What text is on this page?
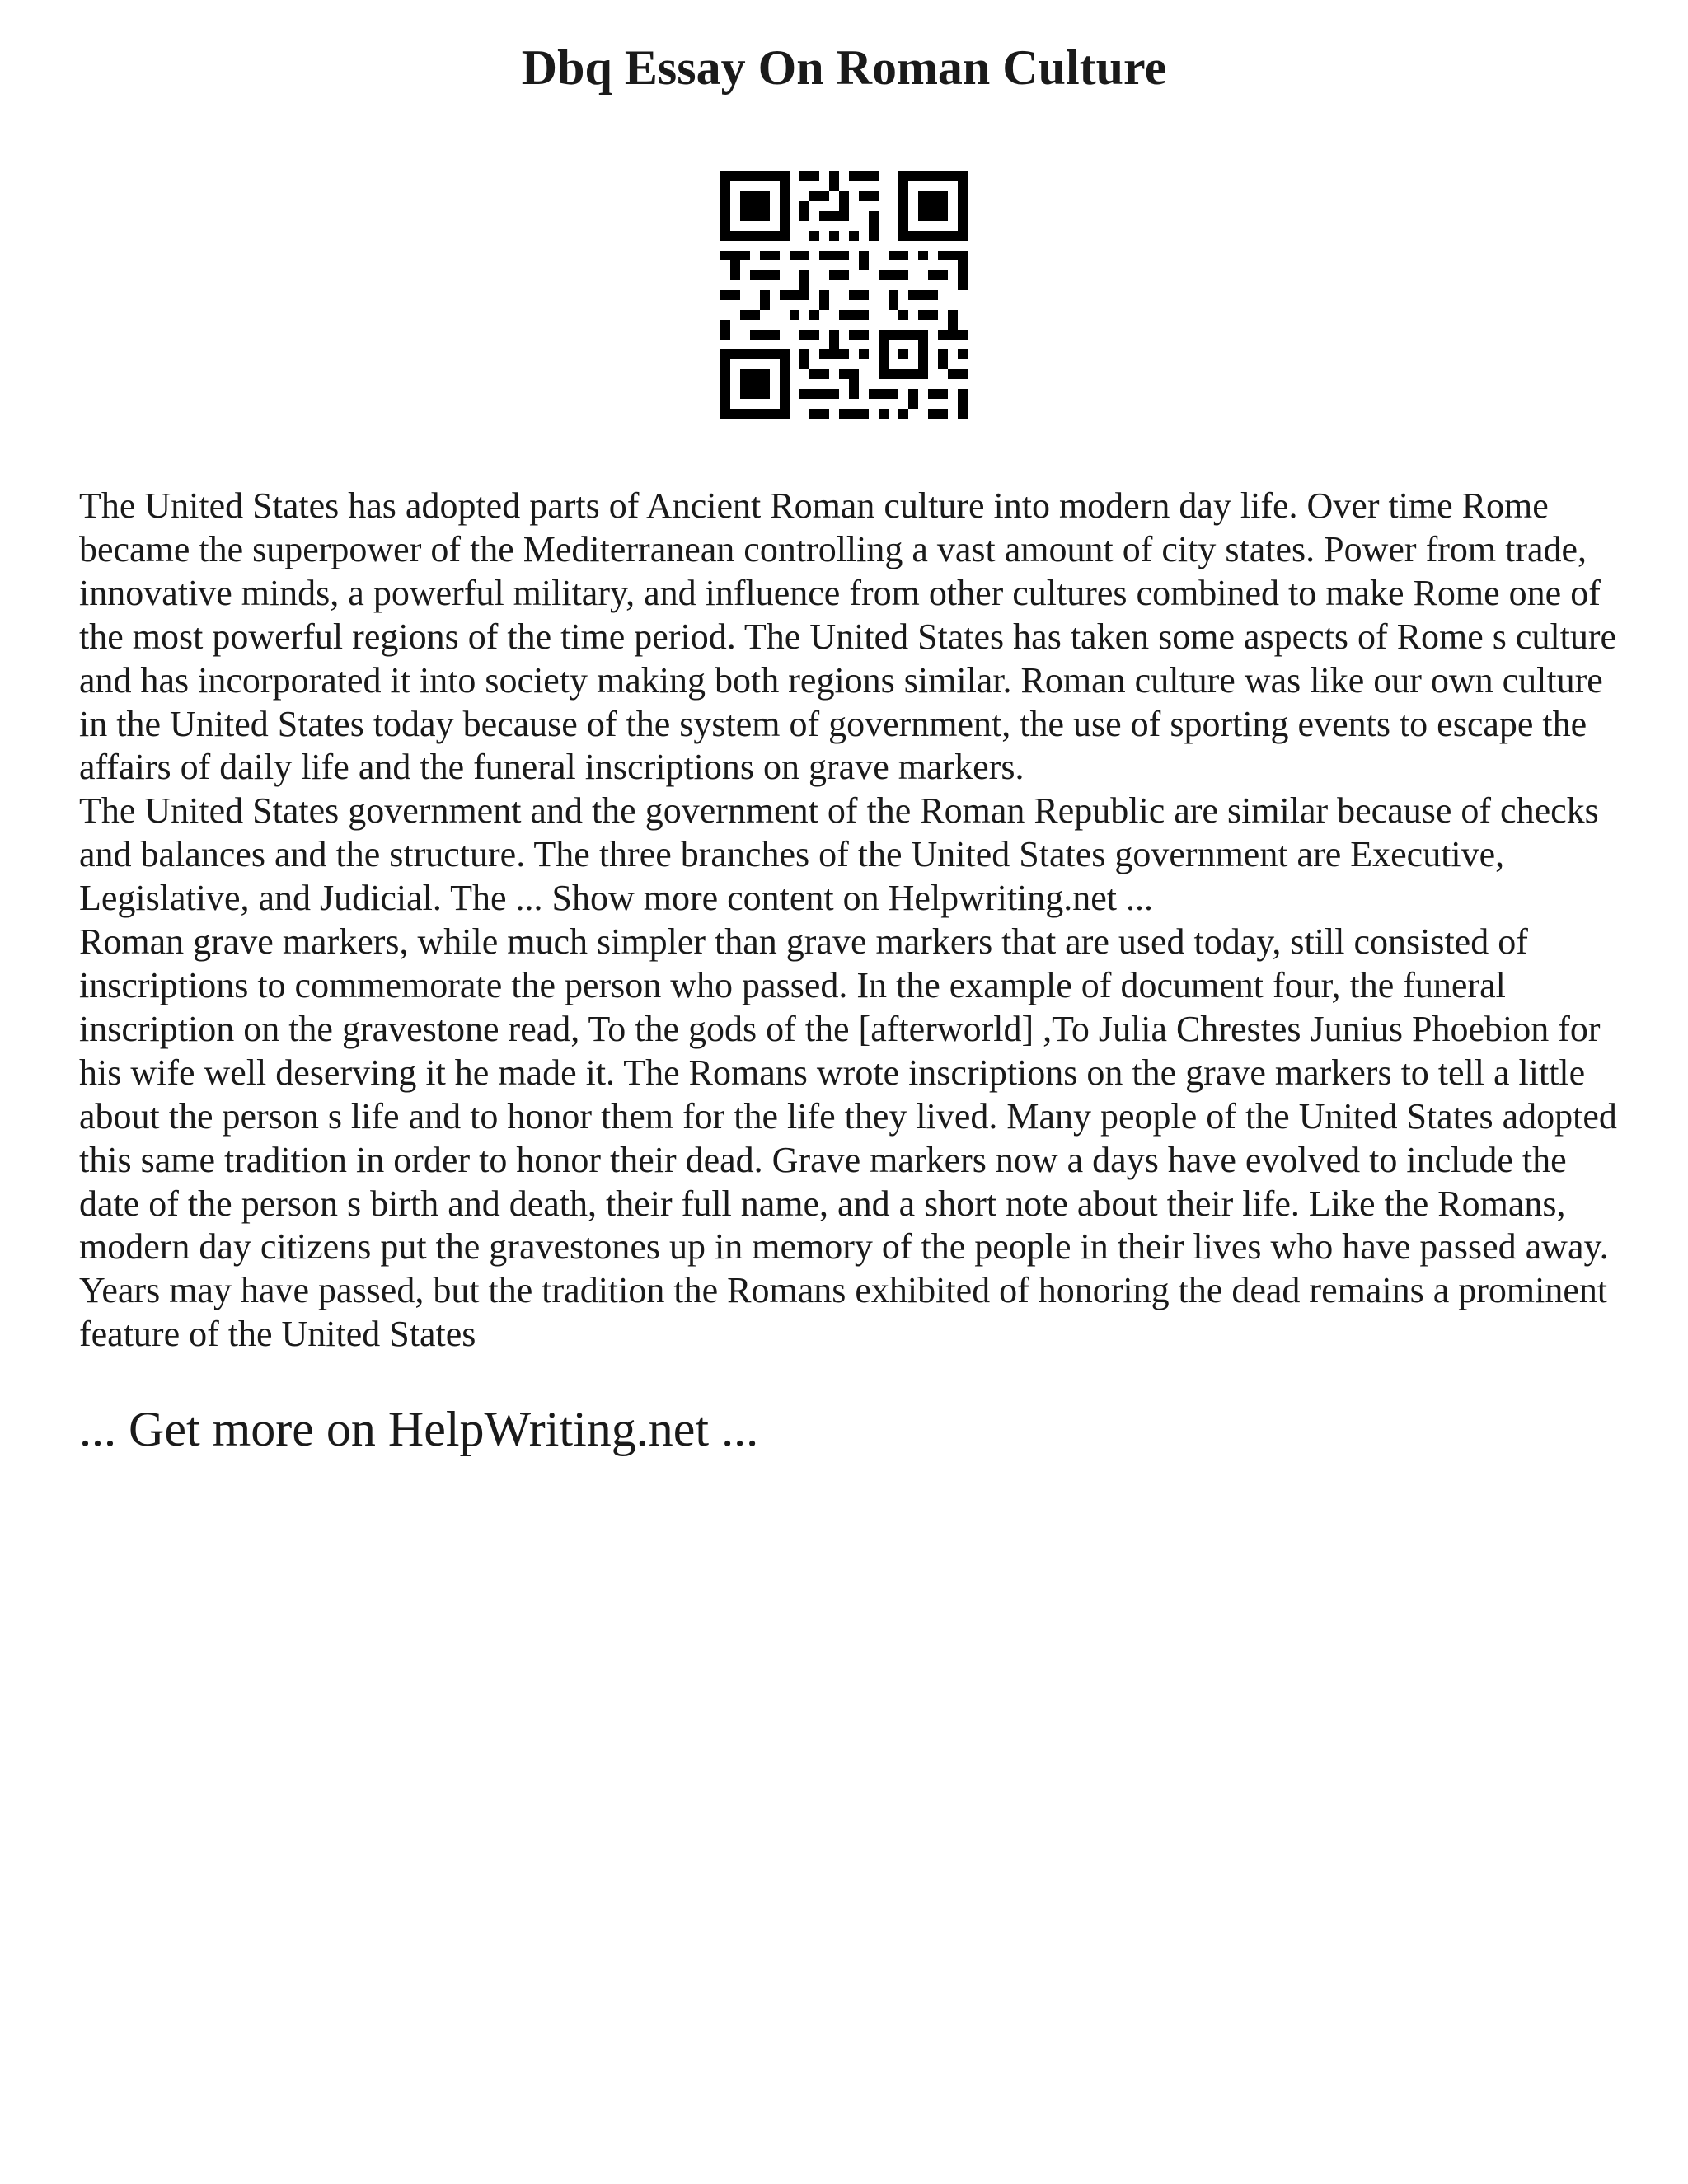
Dbq Essay On Roman Culture

The United States has adopted parts of Ancient Roman culture into modern day life. Over time Rome became the superpower of the Mediterranean controlling a vast amount of city states. Power from trade, innovative minds, a powerful military, and influence from other cultures combined to make Rome one of the most powerful regions of the time period. The United States has taken some aspects of Rome s culture and has incorporated it into society making both regions similar. Roman culture was like our own culture in the United States today because of the system of government, the use of sporting events to escape the affairs of daily life and the funeral inscriptions on grave markers.

The United States government and the government of the Roman Republic are similar because of checks and balances and the structure. The three branches of the United States government are Executive, Legislative, and Judicial. The ... Show more content on Helpwriting.net ...

Roman grave markers, while much simpler than grave markers that are used today, still consisted of inscriptions to commemorate the person who passed. In the example of document four, the funeral inscription on the gravestone read, To the gods of the [afterworld] ,To Julia Chrestes Junius Phoebion for his wife well deserving it he made it. The Romans wrote inscriptions on the grave markers to tell a little about the person s life and to honor them for the life they lived. Many people of the United States adopted this same tradition in order to honor their dead. Grave markers now a days have evolved to include the date of the person s birth and death, their full name, and a short note about their life. Like the Romans, modern day citizens put the gravestones up in memory of the people in their lives who have passed away. Years may have passed, but the tradition the Romans exhibited of honoring the dead remains a prominent feature of the United States

... Get more on HelpWriting.net ...
